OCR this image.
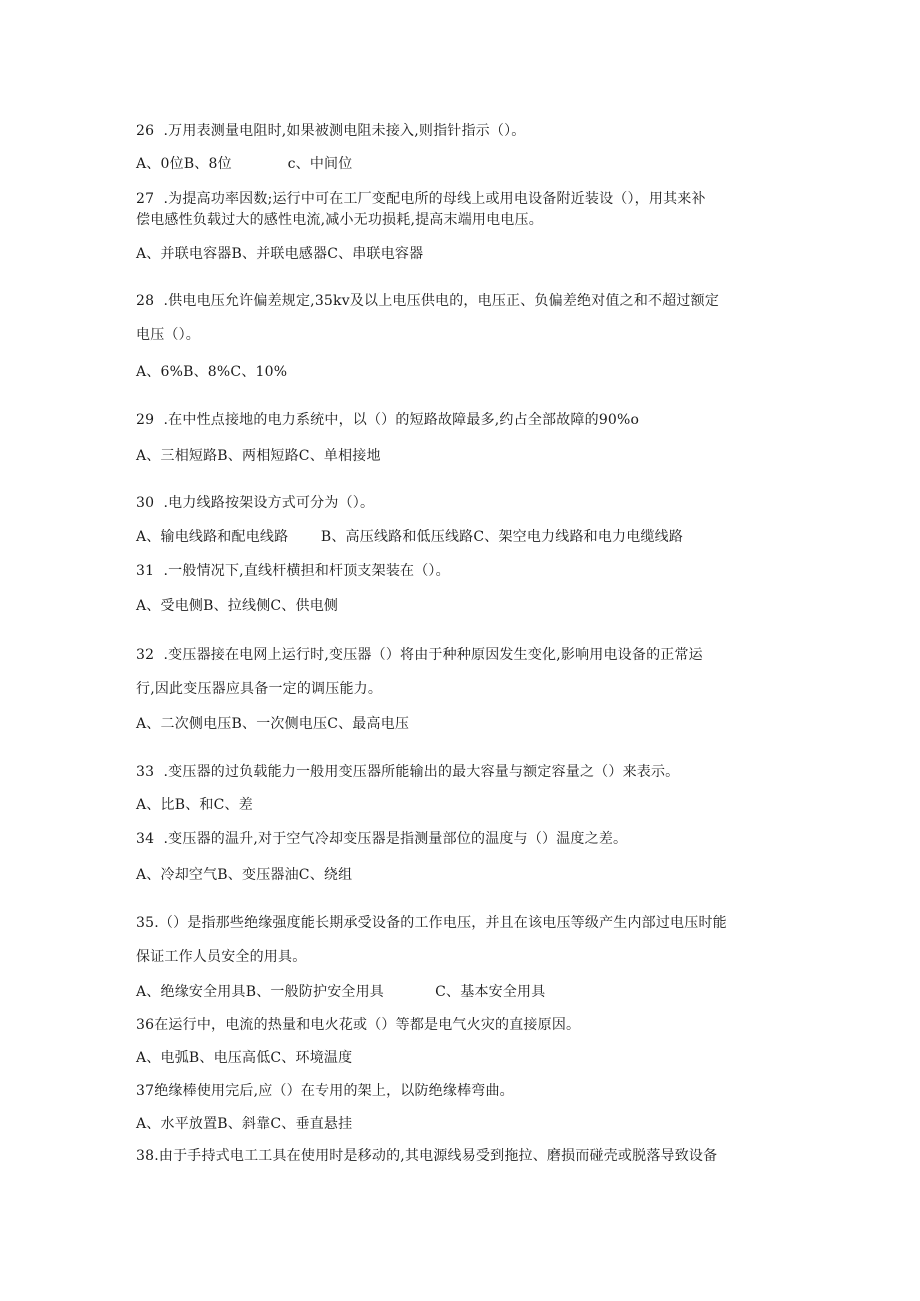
26  .万用表测量电阻时,如果被测电阻未接入,则指针指示（）。
A、0位B、8位            c、中间位
27  .为提高功率因数;运行中可在工厂变配电所的母线上或用电设备附近装设（），用其来补
偿电感性负载过大的感性电流,减小无功损耗,提高末端用电电压。
A、并联电容器B、并联电感器C、串联电容器
28  .供电电压允许偏差规定,35kv及以上电压供电的，电压正、负偏差绝对值之和不超过额定
电压（）。
A、6%B、8%C、10%
29  .在中性点接地的电力系统中，以（）的短路故障最多,约占全部故障的90%o
A、三相短路B、两相短路C、单相接地
30  .电力线路按架设方式可分为（）。
A、输电线路和配电线路       B、高压线路和低压线路C、架空电力线路和电力电缆线路
31  .一般情况下,直线杆横担和杆顶支架装在（）。
A、受电侧B、拉线侧C、供电侧
32  .变压器接在电网上运行时,变压器（）将由于种种原因发生变化,影响用电设备的正常运
行,因此变压器应具备一定的调压能力。
A、二次侧电压B、一次侧电压C、最高电压
33  .变压器的过负载能力一般用变压器所能输出的最大容量与额定容量之（）来表示。
A、比B、和C、差
34  .变压器的温升,对于空气冷却变压器是指测量部位的温度与（）温度之差。
A、冷却空气B、变压器油C、绕组
35.（）是指那些绝缘强度能长期承受设备的工作电压，并且在该电压等级产生内部过电压时能
保证工作人员安全的用具。
A、绝缘安全用具B、一般防护安全用具           C、基本安全用具
36在运行中，电流的热量和电火花或（）等都是电气火灾的直接原因。
A、电弧B、电压高低C、环境温度
37绝缘棒使用完后,应（）在专用的架上，以防绝缘棒弯曲。
A、水平放置B、斜靠C、垂直悬挂
38.由于手持式电工工具在使用时是移动的,其电源线易受到拖拉、磨损而碰壳或脱落导致设备
